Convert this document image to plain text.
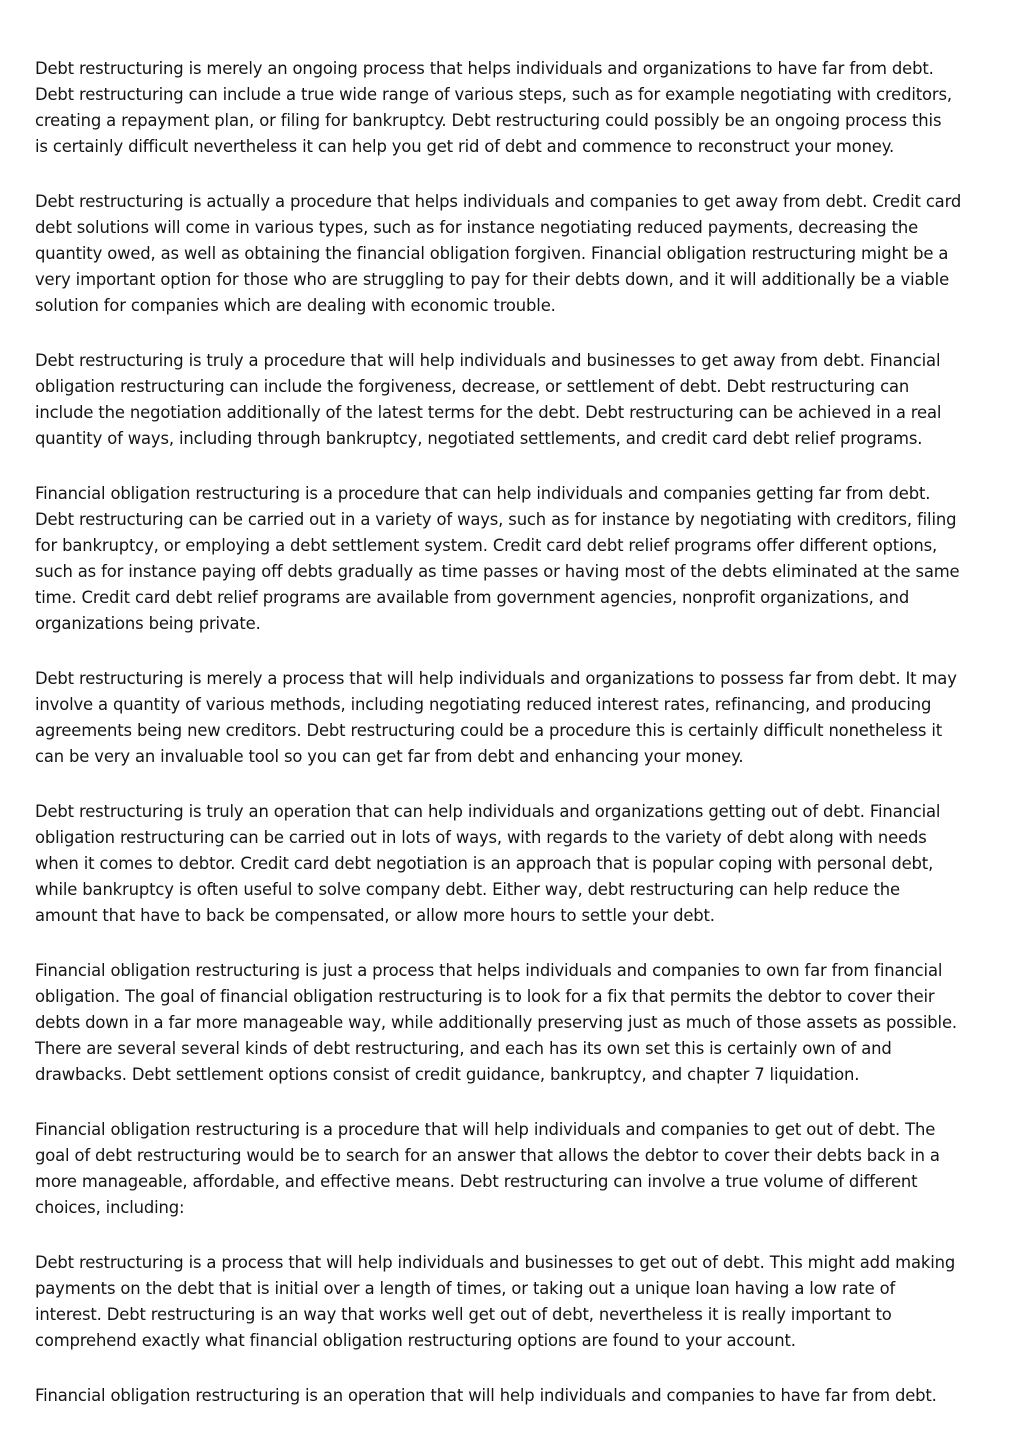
Debt restructuring is merely an ongoing process that helps individuals and organizations to have far from debt.
Debt restructuring can include a true wide range of various steps, such as for example negotiating with creditors,
creating a repayment plan, or filing for bankruptcy. Debt restructuring could possibly be an ongoing process this
is certainly difficult nevertheless it can help you get rid of debt and commence to reconstruct your money.

Debt restructuring is actually a procedure that helps individuals and companies to get away from debt. Credit card
debt solutions will come in various types, such as for instance negotiating reduced payments, decreasing the
quantity owed, as well as obtaining the financial obligation forgiven. Financial obligation restructuring might be a
very important option for those who are struggling to pay for their debts down, and it will additionally be a viable
solution for companies which are dealing with economic trouble.

Debt restructuring is truly a procedure that will help individuals and businesses to get away from debt. Financial
obligation restructuring can include the forgiveness, decrease, or settlement of debt. Debt restructuring can
include the negotiation additionally of the latest terms for the debt. Debt restructuring can be achieved in a real
quantity of ways, including through bankruptcy, negotiated settlements, and credit card debt relief programs.

Financial obligation restructuring is a procedure that can help individuals and companies getting far from debt.
Debt restructuring can be carried out in a variety of ways, such as for instance by negotiating with creditors, filing
for bankruptcy, or employing a debt settlement system. Credit card debt relief programs offer different options,
such as for instance paying off debts gradually as time passes or having most of the debts eliminated at the same
time. Credit card debt relief programs are available from government agencies, nonprofit organizations, and
organizations being private.

Debt restructuring is merely a process that will help individuals and organizations to possess far from debt. It may
involve a quantity of various methods, including negotiating reduced interest rates, refinancing, and producing
agreements being new creditors. Debt restructuring could be a procedure this is certainly difficult nonetheless it
can be very an invaluable tool so you can get far from debt and enhancing your money.

Debt restructuring is truly an operation that can help individuals and organizations getting out of debt. Financial
obligation restructuring can be carried out in lots of ways, with regards to the variety of debt along with needs
when it comes to debtor. Credit card debt negotiation is an approach that is popular coping with personal debt,
while bankruptcy is often useful to solve company debt. Either way, debt restructuring can help reduce the
amount that have to back be compensated, or allow more hours to settle your debt.

Financial obligation restructuring is just a process that helps individuals and companies to own far from financial
obligation. The goal of financial obligation restructuring is to look for a fix that permits the debtor to cover their
debts down in a far more manageable way, while additionally preserving just as much of those assets as possible.
There are several several kinds of debt restructuring, and each has its own set this is certainly own of and
drawbacks. Debt settlement options consist of credit guidance, bankruptcy, and chapter 7 liquidation.

Financial obligation restructuring is a procedure that will help individuals and companies to get out of debt. The
goal of debt restructuring would be to search for an answer that allows the debtor to cover their debts back in a
more manageable, affordable, and effective means. Debt restructuring can involve a true volume of different
choices, including:

Debt restructuring is a process that will help individuals and businesses to get out of debt. This might add making
payments on the debt that is initial over a length of times, or taking out a unique loan having a low rate of
interest. Debt restructuring is an way that works well get out of debt, nevertheless it is really important to
comprehend exactly what financial obligation restructuring options are found to your account.

Financial obligation restructuring is an operation that will help individuals and companies to have far from debt.
